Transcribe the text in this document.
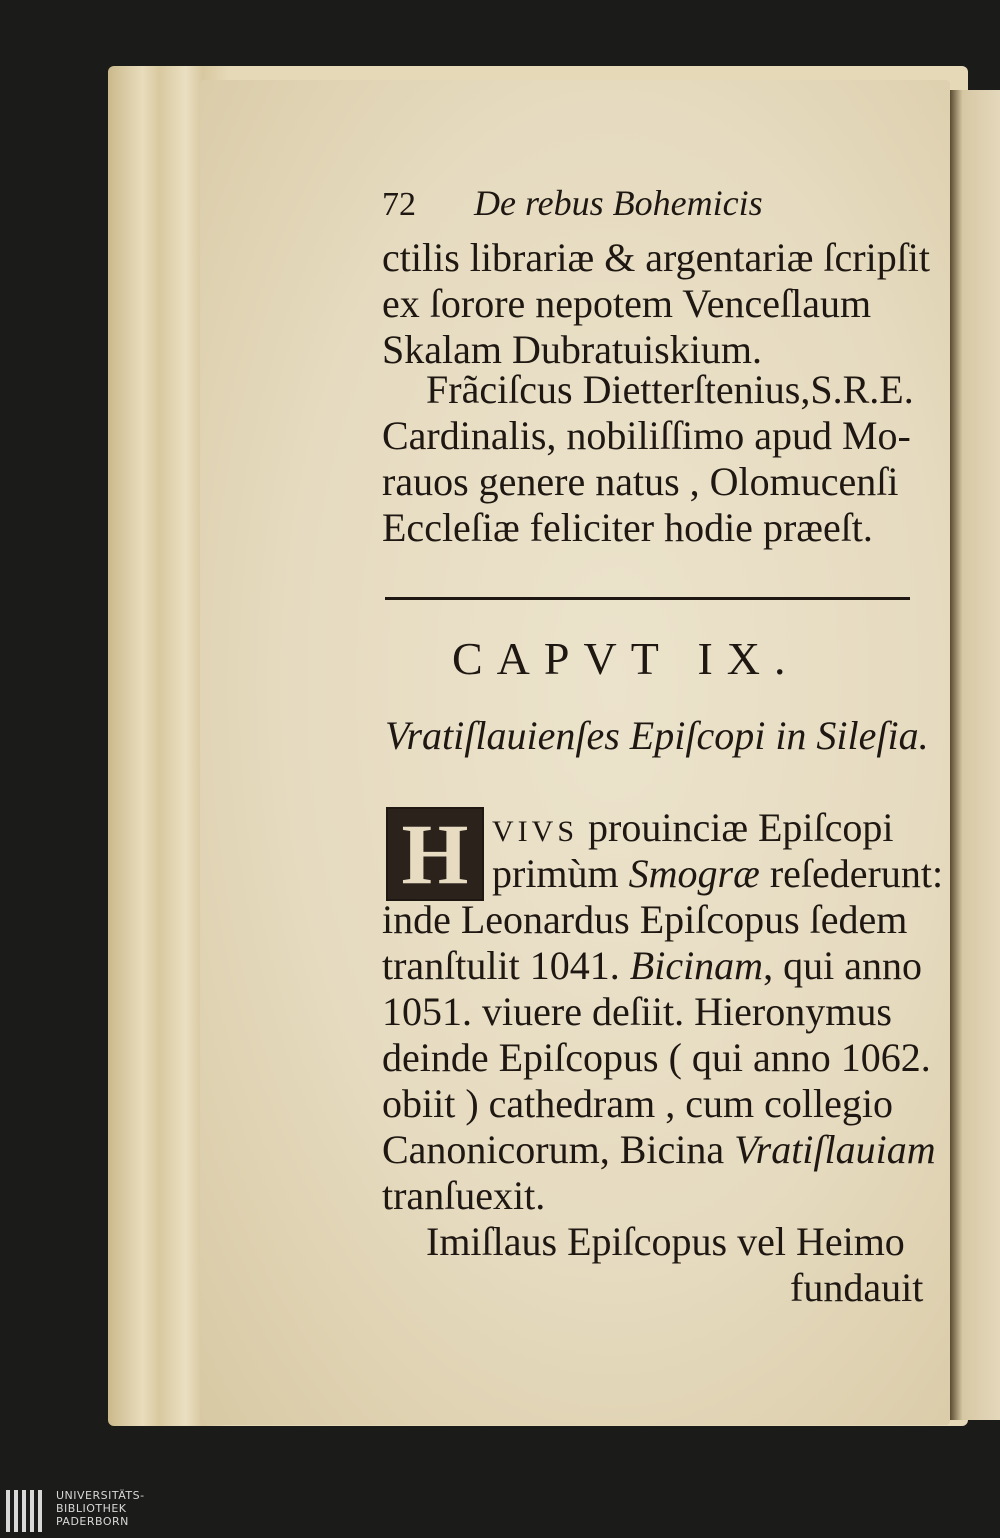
72 De rebus Bohemicis
ctilis librariæ & argentariæ ſcripſit
ex ſorore nepotem Venceſlaum
Skalam Dubratuiskium.
Frãciſcus Dietterſtenius,S.R.E.
Cardinalis, nobiliſſimo apud Mo-
rauos genere natus , Olomucenſi
Eccleſiæ feliciter hodie præeſt.
CAPVT IX.
Vratiſlauienſes Epiſcopi in Sileſia.
H VIVS prouinciæ Epiſcopi
primùm Smogræ reſederunt:
inde Leonardus Epiſcopus ſedem
tranſtulit 1041. Bicinam, qui anno
1051. viuere deſiit. Hieronymus
deinde Epiſcopus ( qui anno 1062.
obiit ) cathedram , cum collegio
Canonicorum, Bicina Vratiſlauiam
tranſuexit.
Imiſlaus Epiſcopus vel Heimo
fundauit
UNIVERSITÄTS-
BIBLIOTHEK
PADERBORN
